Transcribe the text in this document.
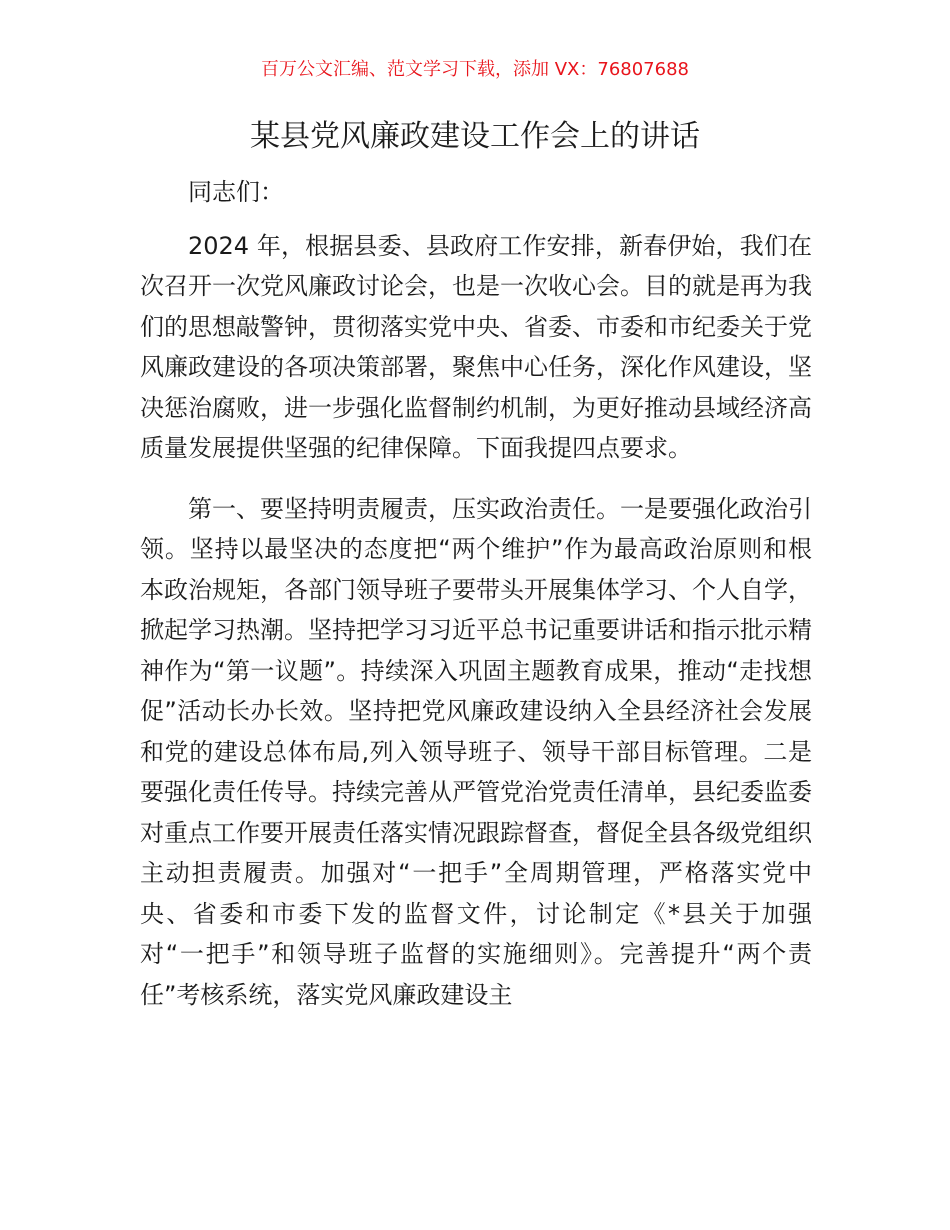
百万公文汇编、范文学习下载，添加 VX：76807688
某县党风廉政建设工作会上的讲话

同志们：

2024 年，根据县委、县政府工作安排，新春伊始，我们在次召开一次党风廉政讨论会，也是一次收心会。目的就是再为我们的思想敲警钟，贯彻落实党中央、省委、市委和市纪委关于党风廉政建设的各项决策部署，聚焦中心任务，深化作风建设，坚决惩治腐败，进一步强化监督制约机制，为更好推动县域经济高质量发展提供坚强的纪律保障。下面我提四点要求。

第一、要坚持明责履责，压实政治责任。一是要强化政治引领。坚持以最坚决的态度把“两个维护”作为最高政治原则和根本政治规矩，各部门领导班子要带头开展集体学习、个人自学，掀起学习热潮。坚持把学习习近平总书记重要讲话和指示批示精神作为“第一议题”。持续深入巩固主题教育成果，推动“走找想促”活动长办长效。坚持把党风廉政建设纳入全县经济社会发展和党的建设总体布局,列入领导班子、领导干部目标管理。二是要强化责任传导。持续完善从严管党治党责任清单，县纪委监委对重点工作要开展责任落实情况跟踪督查，督促全县各级党组织主动担责履责。加强对“一把手”全周期管理，严格落实党中央、省委和市委下发的监督文件，讨论制定《*县关于加强对“一把手”和领导班子监督的实施细则》。完善提升“两个责任”考核系统，落实党风廉政建设主
